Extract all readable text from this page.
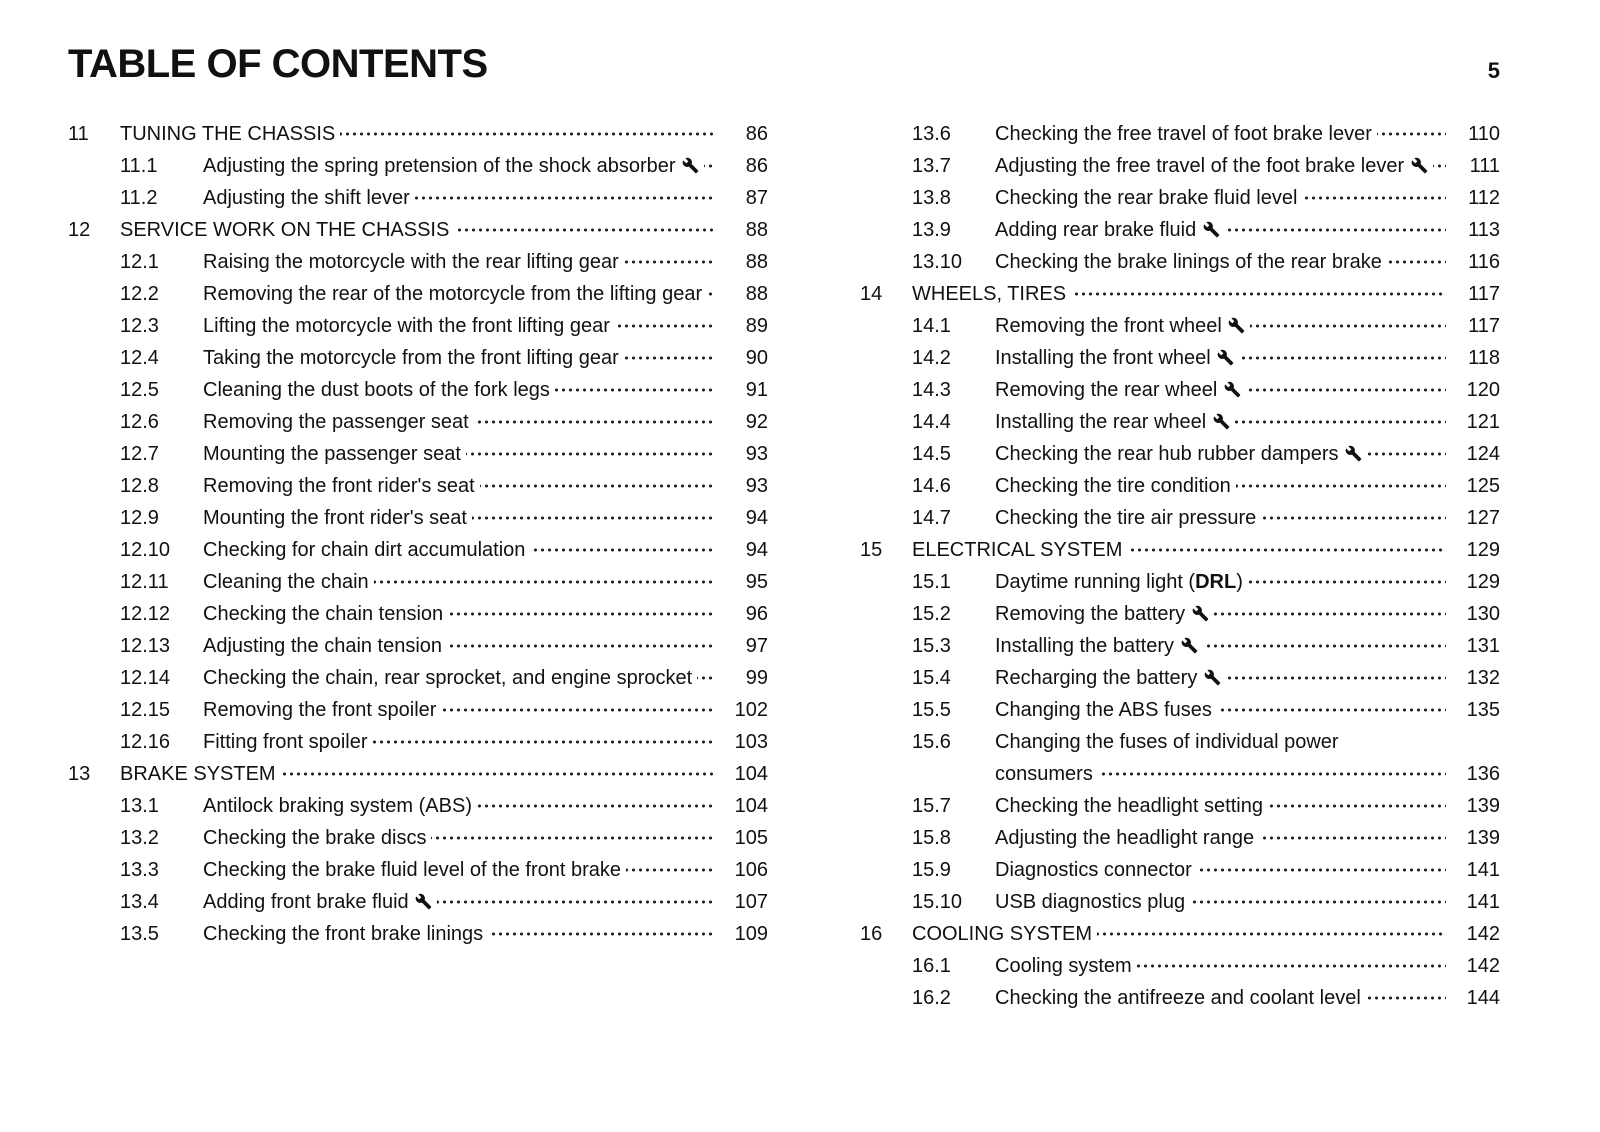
TABLE OF CONTENTS	5
11	TUNING THE CHASSIS	86
11.1	Adjusting the spring pretension of the shock absorber	86
11.2	Adjusting the shift lever	87
12	SERVICE WORK ON THE CHASSIS	88
12.1	Raising the motorcycle with the rear lifting gear	88
12.2	Removing the rear of the motorcycle from the lifting gear	88
12.3	Lifting the motorcycle with the front lifting gear	89
12.4	Taking the motorcycle from the front lifting gear	90
12.5	Cleaning the dust boots of the fork legs	91
12.6	Removing the passenger seat	92
12.7	Mounting the passenger seat	93
12.8	Removing the front rider's seat	93
12.9	Mounting the front rider's seat	94
12.10	Checking for chain dirt accumulation	94
12.11	Cleaning the chain	95
12.12	Checking the chain tension	96
12.13	Adjusting the chain tension	97
12.14	Checking the chain, rear sprocket, and engine sprocket	99
12.15	Removing the front spoiler	102
12.16	Fitting front spoiler	103
13	BRAKE SYSTEM	104
13.1	Antilock braking system (ABS)	104
13.2	Checking the brake discs	105
13.3	Checking the brake fluid level of the front brake	106
13.4	Adding front brake fluid	107
13.5	Checking the front brake linings	109
13.6	Checking the free travel of foot brake lever	110
13.7	Adjusting the free travel of the foot brake lever	111
13.8	Checking the rear brake fluid level	112
13.9	Adding rear brake fluid	113
13.10	Checking the brake linings of the rear brake	116
14	WHEELS, TIRES	117
14.1	Removing the front wheel	117
14.2	Installing the front wheel	118
14.3	Removing the rear wheel	120
14.4	Installing the rear wheel	121
14.5	Checking the rear hub rubber dampers	124
14.6	Checking the tire condition	125
14.7	Checking the tire air pressure	127
15	ELECTRICAL SYSTEM	129
15.1	Daytime running light (DRL)	129
15.2	Removing the battery	130
15.3	Installing the battery	131
15.4	Recharging the battery	132
15.5	Changing the ABS fuses	135
15.6	Changing the fuses of individual power consumers	136
15.7	Checking the headlight setting	139
15.8	Adjusting the headlight range	139
15.9	Diagnostics connector	141
15.10	USB diagnostics plug	141
16	COOLING SYSTEM	142
16.1	Cooling system	142
16.2	Checking the antifreeze and coolant level	144
